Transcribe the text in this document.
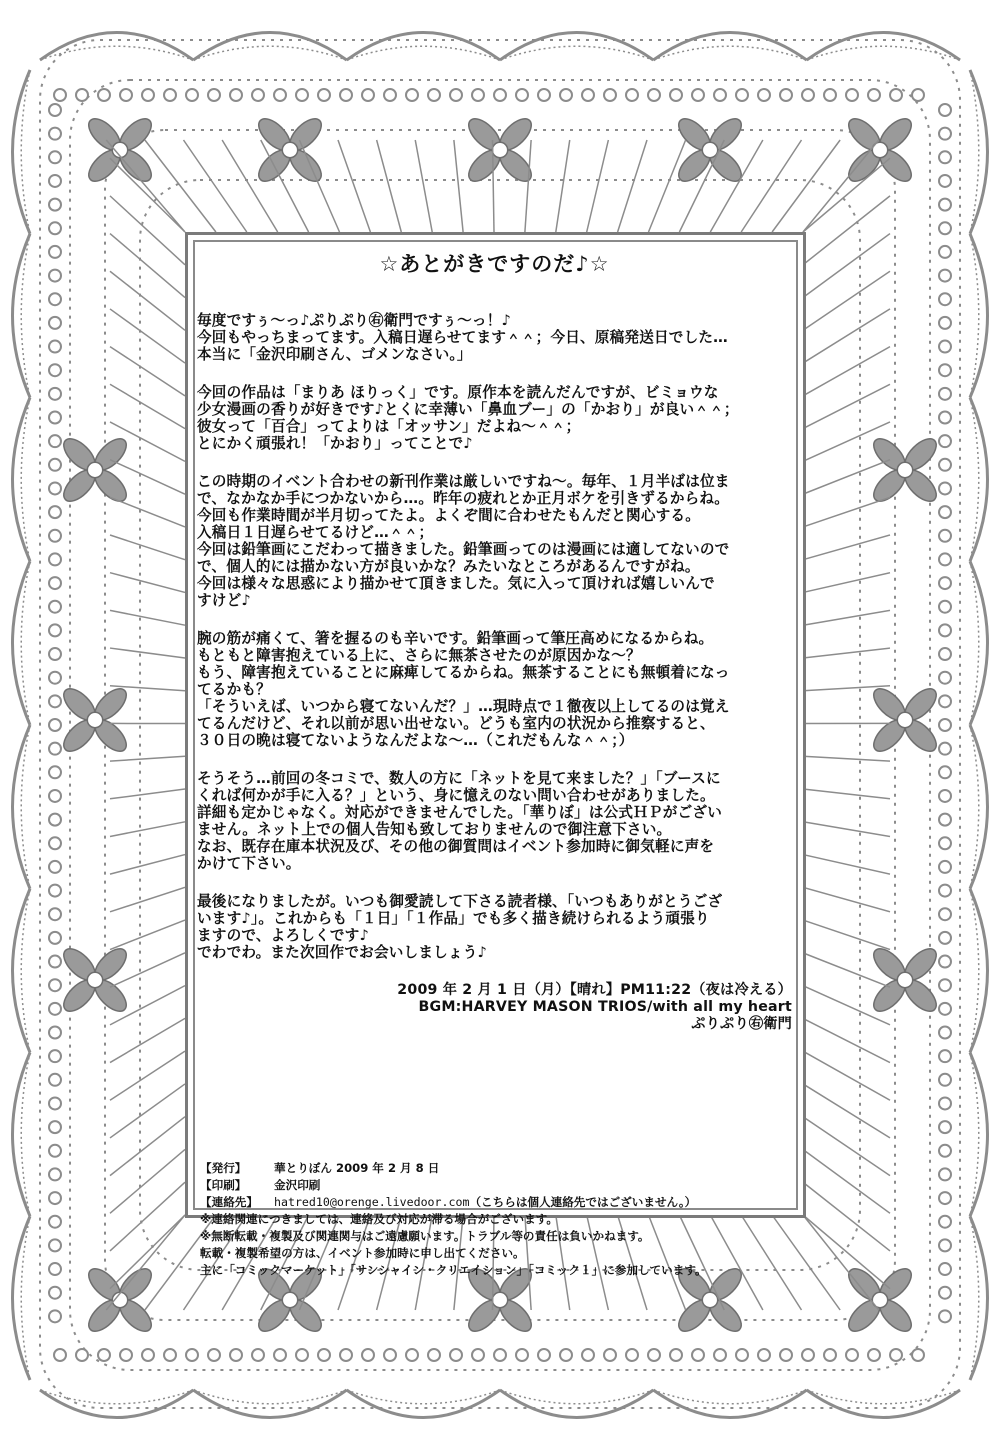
☆あとがきですのだ♪☆
毎度ですぅ～っ♪ぷりぷり㊨衛門ですぅ～っ！♪
今回もやっちまってます。入稿日遅らせてます＾＾；今日、原稿発送日でした…
本当に「金沢印刷さん、ゴメンなさい。」
今回の作品は「まりあ ほりっく」です。原作本を読んだんですが、ビミョウな
少女漫画の香りが好きです♪とくに幸薄い「鼻血ブー」の「かおり」が良い＾＾；
彼女って「百合」ってよりは「オッサン」だよね～＾＾；
とにかく頑張れ！「かおり」ってことで♪
この時期のイベント合わせの新刊作業は厳しいですね～。毎年、１月半ばは位ま
で、なかなか手につかないから…。昨年の疲れとか正月ボケを引きずるからね。
今回も作業時間が半月切ってたよ。よくぞ間に合わせたもんだと関心する。
入稿日１日遅らせてるけど…＾＾；
今回は鉛筆画にこだわって描きました。鉛筆画ってのは漫画には適してないので
で、個人的には描かない方が良いかな？みたいなところがあるんですがね。
今回は様々な思惑により描かせて頂きました。気に入って頂ければ嬉しいんで
すけど♪
腕の筋が痛くて、箸を握るのも辛いです。鉛筆画って筆圧高めになるからね。
もともと障害抱えている上に、さらに無茶させたのが原因かな～？
もう、障害抱えていることに麻痺してるからね。無茶することにも無頓着になっ
てるかも？
「そういえば、いつから寝てないんだ？」…現時点で１徹夜以上してるのは覚え
てるんだけど、それ以前が思い出せない。どうも室内の状況から推察すると、
３０日の晩は寝てないようなんだよな～…（これだもんな＾＾；）
そうそう…前回の冬コミで、数人の方に「ネットを見て来ました？」「ブースに
くれば何かが手に入る？」という、身に憶えのない問い合わせがありました。
詳細も定かじゃなく。対応ができませんでした。「華りぼ」は公式ＨＰがござい
ません。ネット上での個人告知も致しておりませんので御注意下さい。
なお、既存在庫本状況及び、その他の御質問はイベント参加時に御気軽に声を
かけて下さい。
最後になりましたが。いつも御愛読して下さる読者様、「いつもありがとうござ
います♪」。これからも「１日」「１作品」でも多く描き続けられるよう頑張り
ますので、よろしくです♪
でわでわ。また次回作でお会いしましょう♪
2009 年 2 月 1 日（月）【晴れ】PM11:22（夜は冷える）
BGM:HARVEY MASON TRIOS/with all my heart
ぷりぷり㊨衛門
【発行】 華とりぼん 2009 年 2 月 8 日
【印刷】 金沢印刷
【連絡先】 hatred10@orenge.livedoor.com（こちらは個人連絡先ではございません。）
※連絡関連につきましては、連絡及び対応が滞る場合がございます。
※無断転載・複製及び関連関与はご遠慮願います。トラブル等の責任は負いかねます。
転載・複製希望の方は、イベント参加時に申し出てください。
主に「コミックマーケット」「サンシャイン・クリエイション」「コミック１」に参加しています。
